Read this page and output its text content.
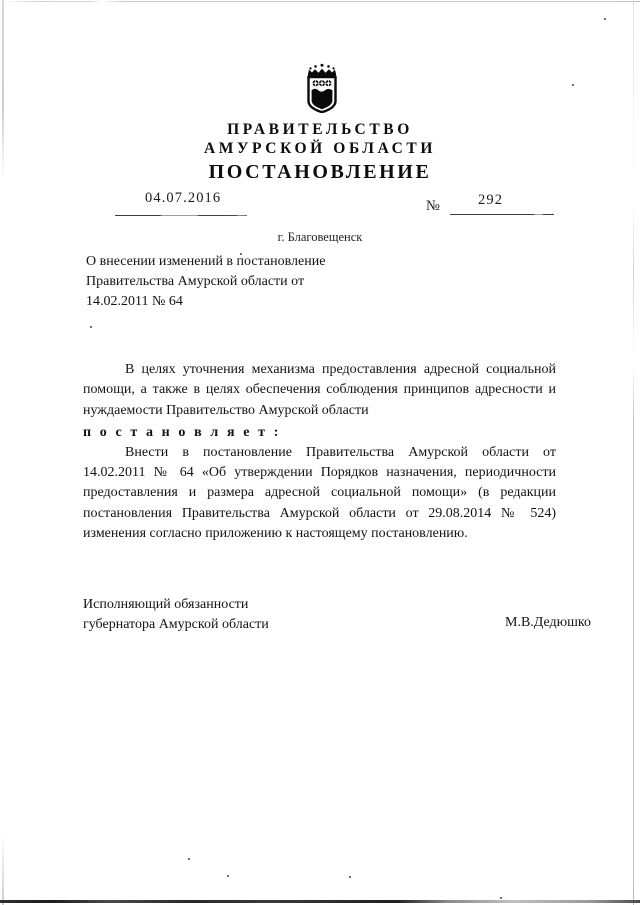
ПРАВИТЕЛЬСТВО
АМУРСКОЙ ОБЛАСТИ
ПОСТАНОВЛЕНИЕ
04.07.2016	№	292
г. Благовещенск
О внесении изменений в постановление Правительства Амурской области от 14.02.2011 № 64

В целях уточнения механизма предоставления адресной социальной помощи, а также в целях обеспечения соблюдения принципов адресности и нуждаемости Правительство Амурской области

п о с т а н о в л я е т :

Внести в постановление Правительства Амурской области от 14.02.2011 № 64 «Об утверждении Порядков назначения, периодичности предоставления и размера адресной социальной помощи» (в редакции постановления Правительства Амурской области от 29.08.2014 № 524) изменения согласно приложению к настоящему постановлению.

Исполняющий обязанности
губернатора Амурской области	М.В.Дедюшко
